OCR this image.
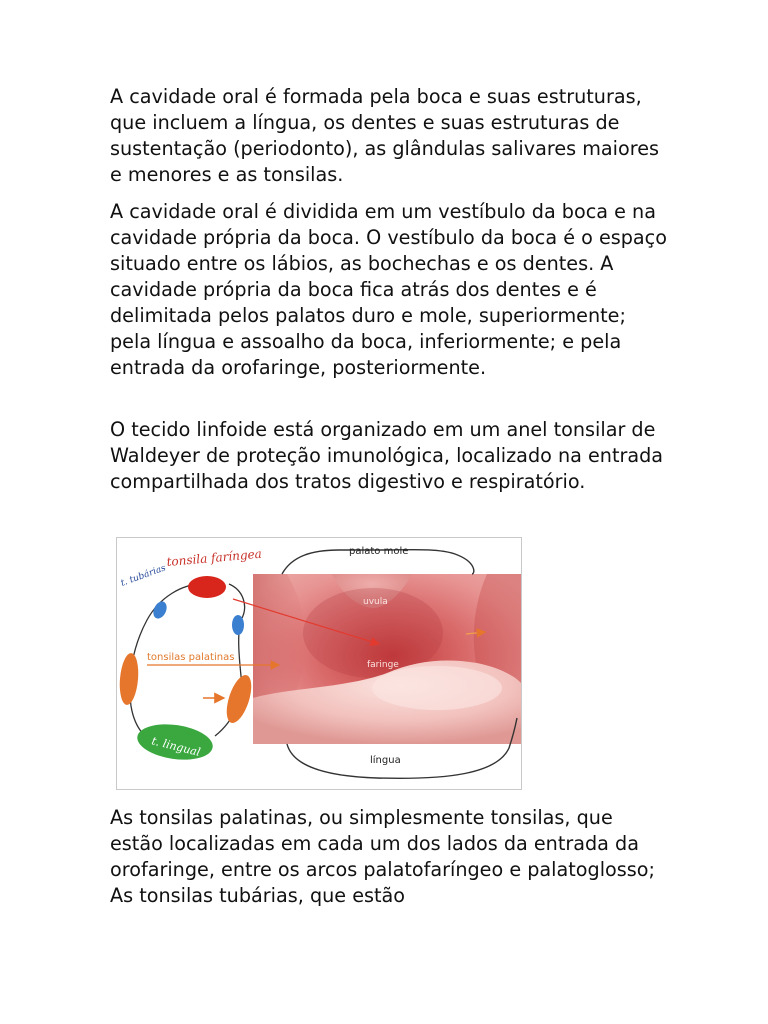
A cavidade oral é formada pela boca e suas estruturas, que incluem a língua, os dentes e suas estruturas de sustentação (periodonto), as glândulas salivares maiores e menores e as tonsilas.

A cavidade oral é dividida em um vestíbulo da boca e na cavidade própria da boca. O vestíbulo da boca é o espaço situado entre os lábios, as bochechas e os dentes. A cavidade própria da boca fica atrás dos dentes e é delimitada pelos palatos duro e mole, superiormente; pela língua e assoalho da boca, inferiormente; e pela entrada da orofaringe, posteriormente.

O tecido linfoide está organizado em um anel tonsilar de Waldeyer de proteção imunológica, localizado na entrada compartilhada dos tratos digestivo e respiratório.

tonsila faríngea
t. tubárias
tonsilas palatinas
t. lingual
palato mole
uvula
faringe
língua

As tonsilas palatinas, ou simplesmente tonsilas, que estão localizadas em cada um dos lados da entrada da orofaringe, entre os arcos palatofaríngeo e palatoglosso; As tonsilas tubárias, que estão
